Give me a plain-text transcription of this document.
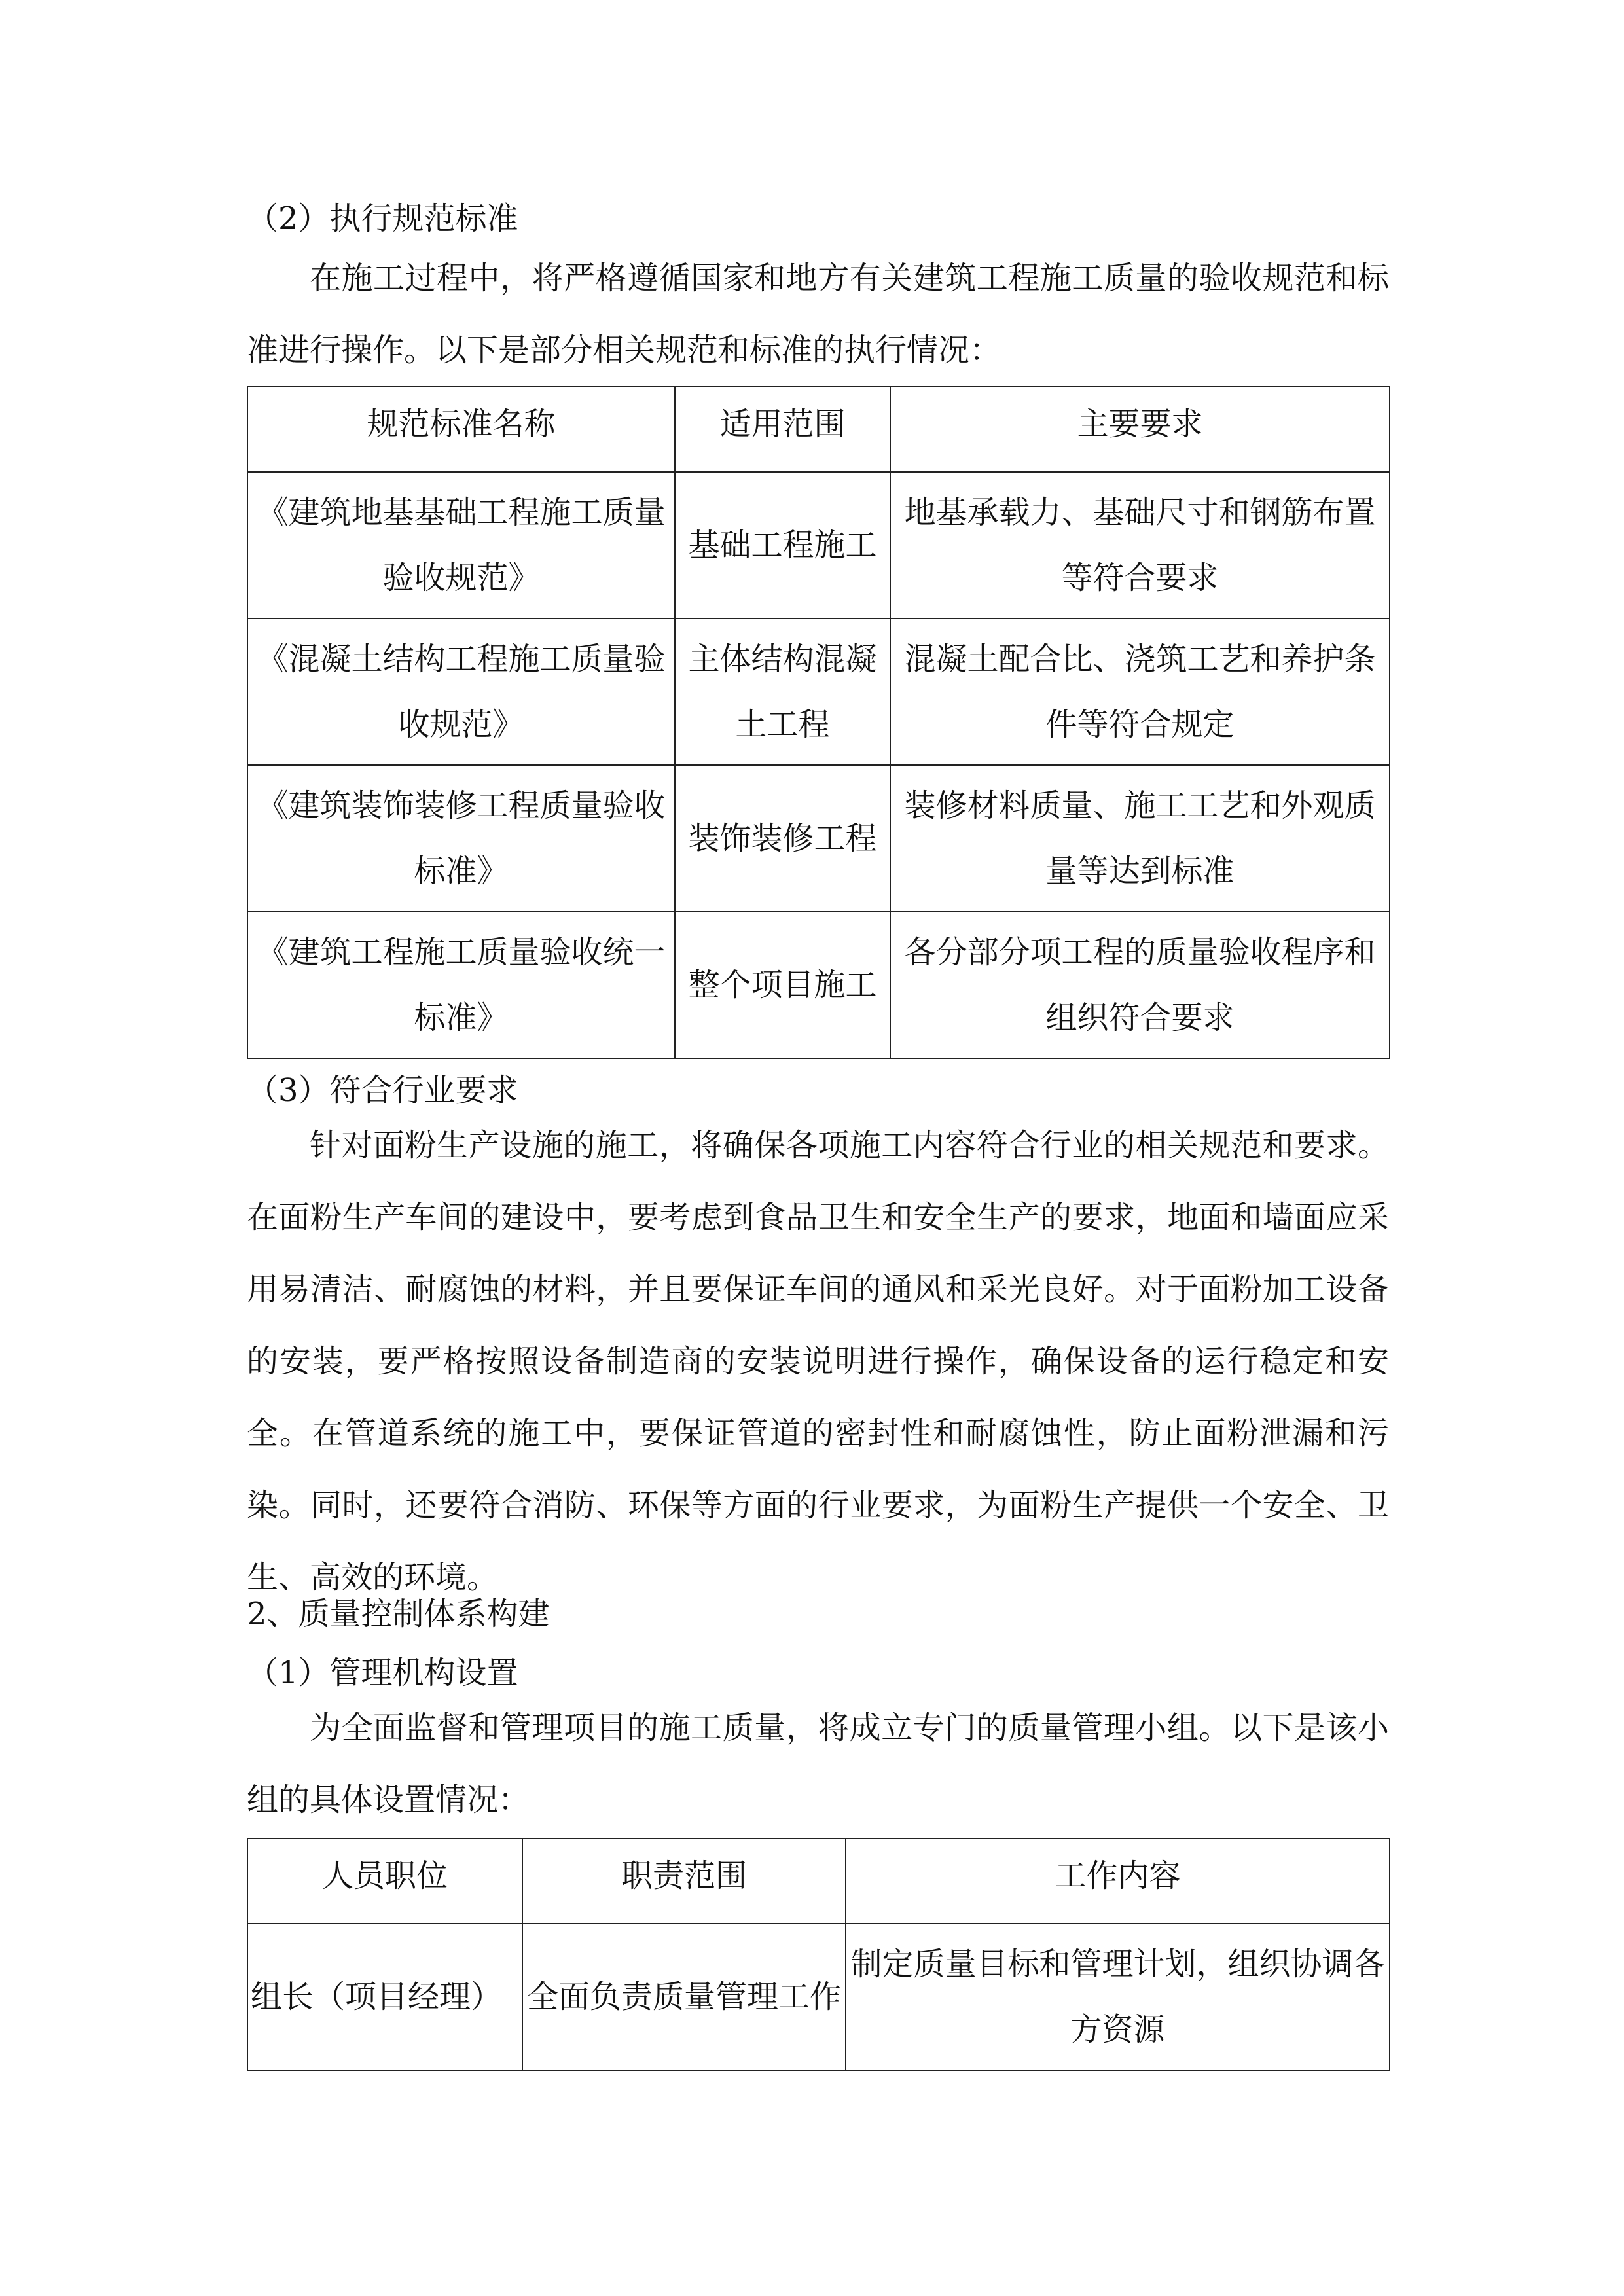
（2）执行规范标准

在施工过程中，将严格遵循国家和地方有关建筑工程施工质量的验收规范和标准进行操作。以下是部分相关规范和标准的执行情况：

规范标准名称	适用范围	主要要求
《建筑地基基础工程施工质量验收规范》	基础工程施工	地基承载力、基础尺寸和钢筋布置等符合要求
《混凝土结构工程施工质量验收规范》	主体结构混凝土工程	混凝土配合比、浇筑工艺和养护条件等符合规定
《建筑装饰装修工程质量验收标准》	装饰装修工程	装修材料质量、施工工艺和外观质量等达到标准
《建筑工程施工质量验收统一标准》	整个项目施工	各分部分项工程的质量验收程序和组织符合要求

（3）符合行业要求

针对面粉生产设施的施工，将确保各项施工内容符合行业的相关规范和要求。在面粉生产车间的建设中，要考虑到食品卫生和安全生产的要求，地面和墙面应采用易清洁、耐腐蚀的材料，并且要保证车间的通风和采光良好。对于面粉加工设备的安装，要严格按照设备制造商的安装说明进行操作，确保设备的运行稳定和安全。在管道系统的施工中，要保证管道的密封性和耐腐蚀性，防止面粉泄漏和污染。同时，还要符合消防、环保等方面的行业要求，为面粉生产提供一个安全、卫生、高效的环境。

2、质量控制体系构建

（1）管理机构设置

为全面监督和管理项目的施工质量，将成立专门的质量管理小组。以下是该小组的具体设置情况：

人员职位	职责范围	工作内容
组长（项目经理）	全面负责质量管理工作	制定质量目标和管理计划，组织协调各方资源
